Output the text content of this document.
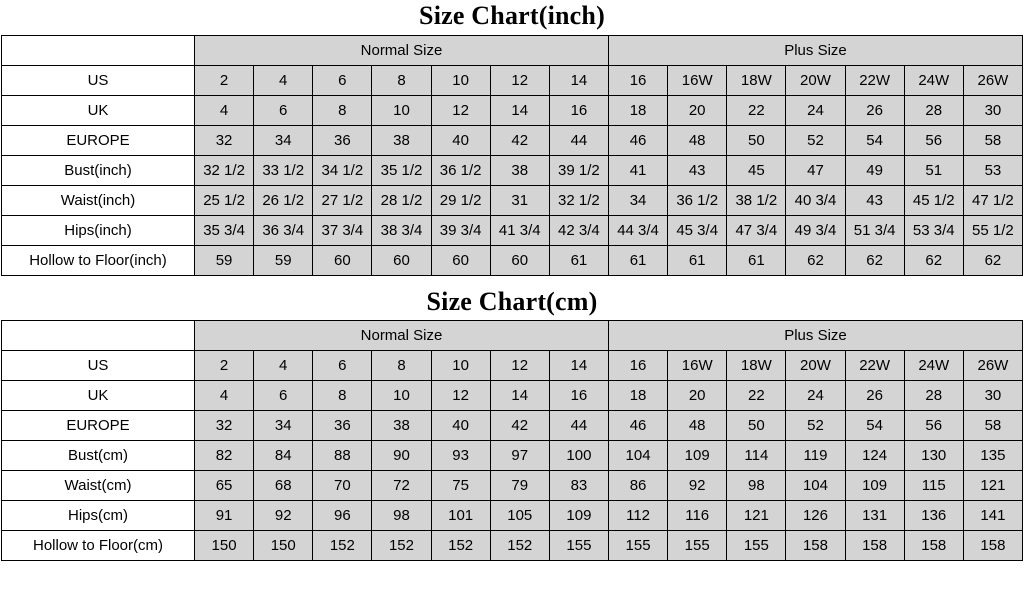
Size Chart(inch)
	Normal Size							Plus Size						
US	2	4	6	8	10	12	14	16	16W	18W	20W	22W	24W	26W
UK	4	6	8	10	12	14	16	18	20	22	24	26	28	30
EUROPE	32	34	36	38	40	42	44	46	48	50	52	54	56	58
Bust(inch)	32 1/2	33 1/2	34 1/2	35 1/2	36 1/2	38	39 1/2	41	43	45	47	49	51	53
Waist(inch)	25 1/2	26 1/2	27 1/2	28 1/2	29 1/2	31	32 1/2	34	36 1/2	38 1/2	40 3/4	43	45 1/2	47 1/2
Hips(inch)	35 3/4	36 3/4	37 3/4	38 3/4	39 3/4	41 3/4	42 3/4	44 3/4	45 3/4	47 3/4	49 3/4	51 3/4	53 3/4	55 1/2
Hollow to Floor(inch)	59	59	60	60	60	60	61	61	61	61	62	62	62	62
Size Chart(cm)
	Normal Size							Plus Size						
US	2	4	6	8	10	12	14	16	16W	18W	20W	22W	24W	26W
UK	4	6	8	10	12	14	16	18	20	22	24	26	28	30
EUROPE	32	34	36	38	40	42	44	46	48	50	52	54	56	58
Bust(cm)	82	84	88	90	93	97	100	104	109	114	119	124	130	135
Waist(cm)	65	68	70	72	75	79	83	86	92	98	104	109	115	121
Hips(cm)	91	92	96	98	101	105	109	112	116	121	126	131	136	141
Hollow to Floor(cm)	150	150	152	152	152	152	155	155	155	155	158	158	158	158
